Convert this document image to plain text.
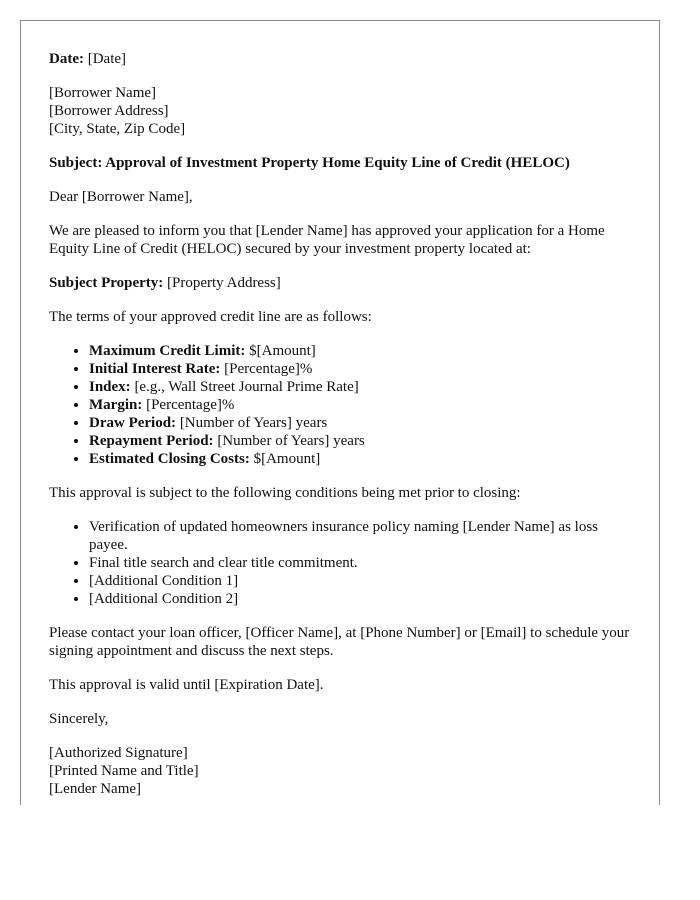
Date: [Date]

[Borrower Name]

[Borrower Address]

[City, State, Zip Code]

Subject: Approval of Investment Property Home Equity Line of Credit (HELOC)

Dear [Borrower Name],

We are pleased to inform you that [Lender Name] has approved your application for a Home Equity Line of Credit (HELOC) secured by your investment property located at:

Subject Property: [Property Address]

The terms of your approved credit line are as follows:

• Maximum Credit Limit: $[Amount]
• Initial Interest Rate: [Percentage]%
• Index: [e.g., Wall Street Journal Prime Rate]
• Margin: [Percentage]%
• Draw Period: [Number of Years] years
• Repayment Period: [Number of Years] years
• Estimated Closing Costs: $[Amount]

This approval is subject to the following conditions being met prior to closing:

• Verification of updated homeowners insurance policy naming [Lender Name] as loss payee.
• Final title search and clear title commitment.
• [Additional Condition 1]
• [Additional Condition 2]

Please contact your loan officer, [Officer Name], at [Phone Number] or [Email] to schedule your signing appointment and discuss the next steps.

This approval is valid until [Expiration Date].

Sincerely,

[Authorized Signature]

[Printed Name and Title]

[Lender Name]
